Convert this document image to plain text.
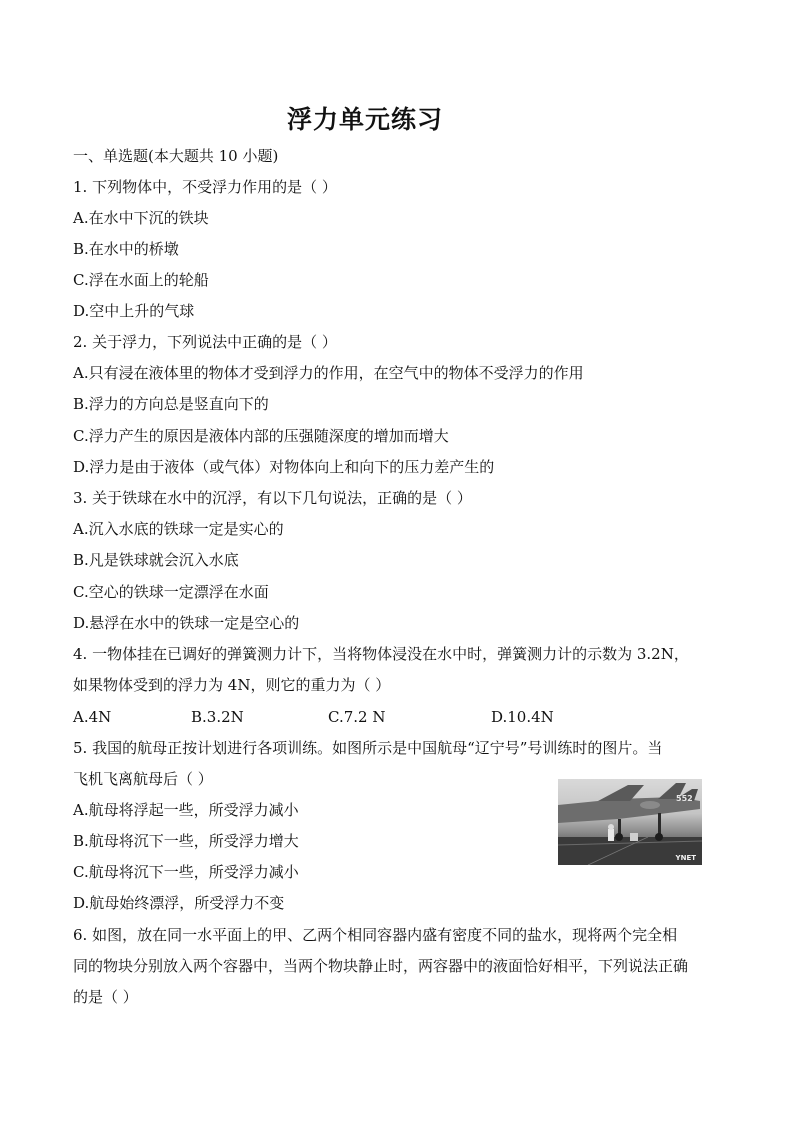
浮力单元练习
一、单选题(本大题共 10 小题)
1. 下列物体中，不受浮力作用的是（ ）
A.在水中下沉的铁块
B.在水中的桥墩
C.浮在水面上的轮船
D.空中上升的气球
2. 关于浮力，下列说法中正确的是（ ）
A.只有浸在液体里的物体才受到浮力的作用，在空气中的物体不受浮力的作用
B.浮力的方向总是竖直向下的
C.浮力产生的原因是液体内部的压强随深度的增加而增大
D.浮力是由于液体（或气体）对物体向上和向下的压力差产生的
3. 关于铁球在水中的沉浮，有以下几句说法，正确的是（ ）
A.沉入水底的铁球一定是实心的
B.凡是铁球就会沉入水底
C.空心的铁球一定漂浮在水面
D.悬浮在水中的铁球一定是空心的
4. 一物体挂在已调好的弹簧测力计下，当将物体浸没在水中时，弹簧测力计的示数为 3.2N，
如果物体受到的浮力为 4N，则它的重力为（ ）
A.4N	B.3.2N	C.7.2 N	D.10.4N
5. 我国的航母正按计划进行各项训练。如图所示是中国航母“辽宁号”号训练时的图片。当
飞机飞离航母后（ ）
A.航母将浮起一些，所受浮力减小
B.航母将沉下一些，所受浮力增大
C.航母将沉下一些，所受浮力减小
D.航母始终漂浮，所受浮力不变
552
YNET
6. 如图，放在同一水平面上的甲、乙两个相同容器内盛有密度不同的盐水，现将两个完全相
同的物块分别放入两个容器中，当两个物块静止时，两容器中的液面恰好相平，下列说法正确
的是（ ）
